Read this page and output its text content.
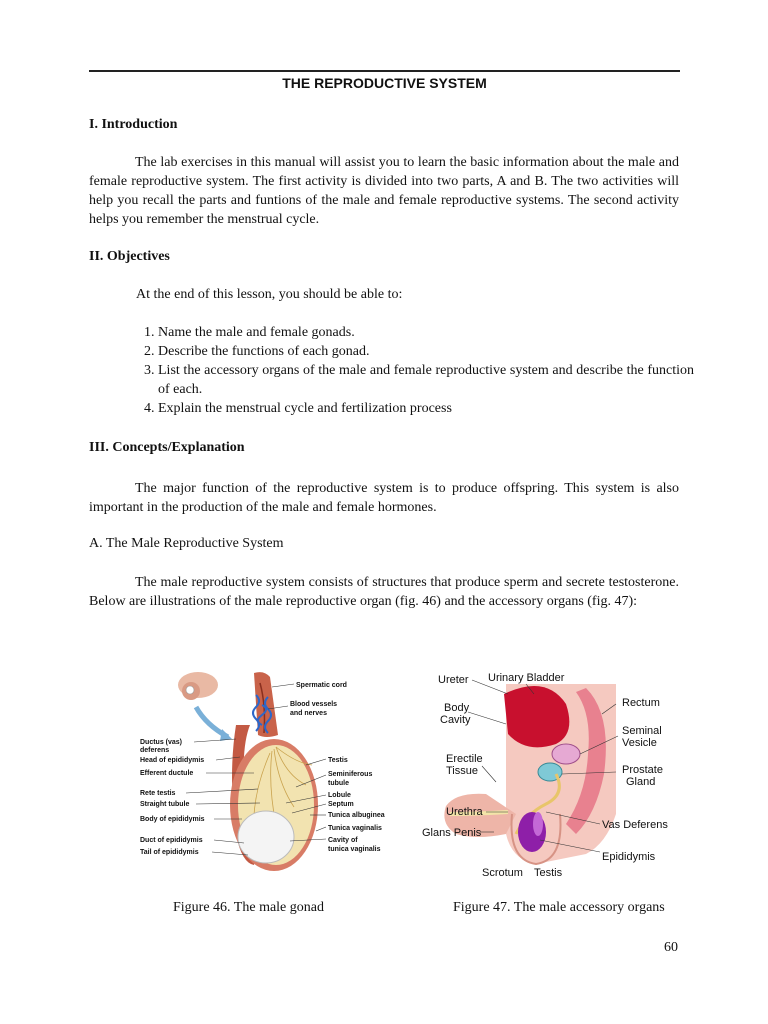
THE REPRODUCTIVE SYSTEM
I. Introduction
The lab exercises in this manual will assist you to learn the basic information about the male and female reproductive system. The first activity is divided into two parts, A and B. The two activities will help you recall the parts and funtions of the male and female reproductive systems. The second activity helps you remember the menstrual cycle.
II. Objectives
At the end of this lesson, you should be able to:
1. Name the male and female gonads.
2. Describe the functions of each gonad.
3. List the accessory organs of the male and female reproductive system and describe the function of each.
4. Explain the menstrual cycle and fertilization process
III. Concepts/Explanation
The major function of the reproductive system is to produce offspring. This system is also important in the production of the male and female hormones.
A. The Male Reproductive System
The male reproductive system consists of structures that produce sperm and secrete testosterone. Below are illustrations of the male reproductive organ (fig. 46) and the accessory organs (fig. 47):
Ductus (vas)
deferens
Head of epididymis
Efferent ductule
Rete testis
Straight tubule
Body of epididymis
Duct of epididymis
Tail of epididymis
Spermatic cord
Blood vessels
and nerves
Testis
Seminiferous
tubule
Lobule
Septum
Tunica albuginea
Tunica vaginalis
Cavity of
tunica vaginalis
Ureter Urinary Bladder
Rectum
Body
Cavity
Seminal
Vesicle
Erectile
Tissue	Prostate
Gland
Urethra
Glans Penis
Vas Deferens
Epididymis
Scrotum Testis
Figure 46. The male gonad	Figure 47. The male accessory organs
60
